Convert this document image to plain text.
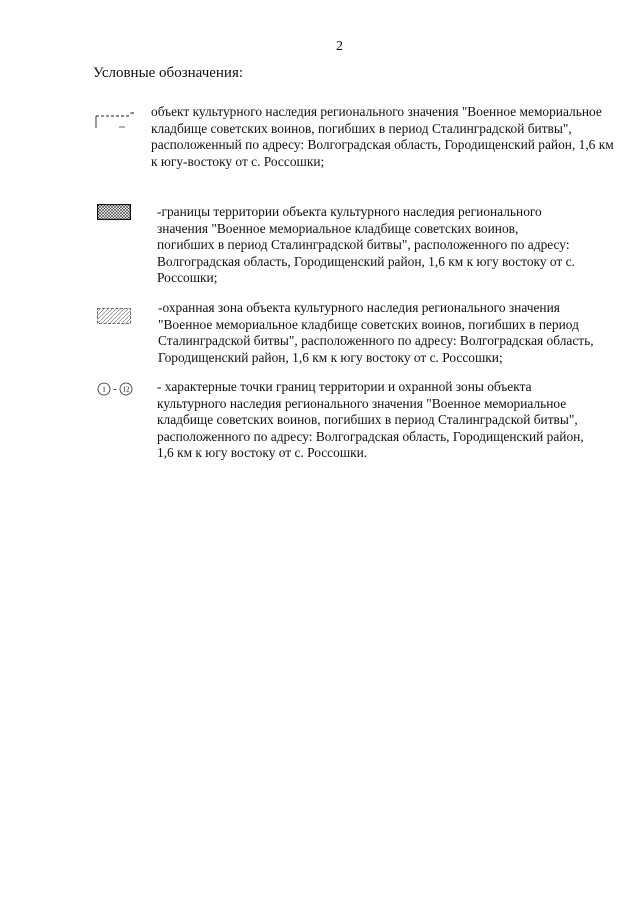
2
Условные обозначения:
- объект культурного наследия регионального значения "Военное мемориальное кладбище советских воинов, погибших в период Сталинградской битвы", расположенный по адресу: Волгоградская область, Городищенский район, 1,6 км к югу-востоку от с. Россошки;
-границы территории объекта культурного наследия регионального значения "Военное мемориальное кладбище советских воинов, погибших в период Сталинградской битвы", расположенного по адресу: Волгоградская область, Городищенский район, 1,6 км к югу востоку от с. Россошки;
-охранная зона объекта культурного наследия регионального значения "Военное мемориальное кладбище советских воинов, погибших в период Сталинградской битвы", расположенного по адресу: Волгоградская область, Городищенский район, 1,6 км к югу востоку от с. Россошки;
1 - 12 - характерные точки границ территории и охранной зоны объекта культурного наследия регионального значения "Военное мемориальное кладбище советских воинов, погибших в период Сталинградской битвы", расположенного по адресу: Волгоградская область, Городищенский район, 1,6 км к югу востоку от с. Россошки.
